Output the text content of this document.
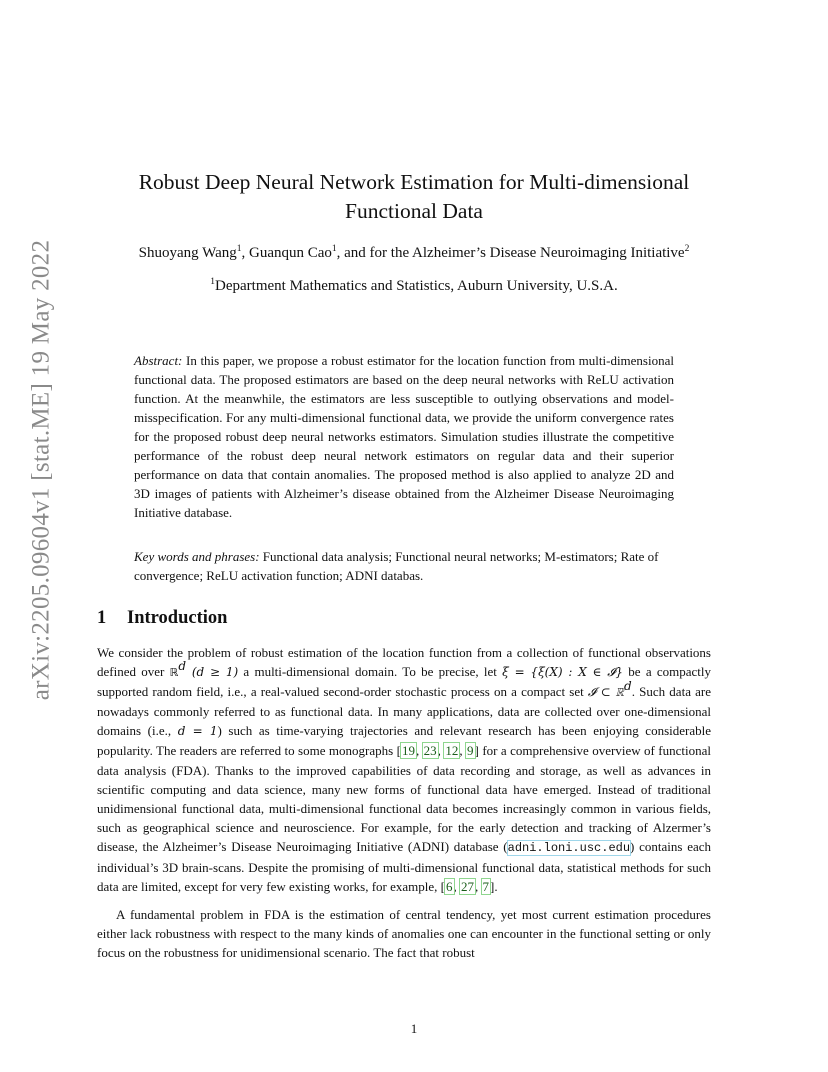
arXiv:2205.09604v1 [stat.ME] 19 May 2022
Robust Deep Neural Network Estimation for Multi-dimensional
Functional Data
Shuoyang Wang$^1$, Guanqun Cao$^1$, and for the Alzheimer’s Disease Neuroimaging Initiative$^2$
$^1$Department Mathematics and Statistics, Auburn University, U.S.A.

Abstract: In this paper, we propose a robust estimator for the location function from multi-dimensional functional data. The proposed estimators are based on the deep neural networks with ReLU activation function. At the meanwhile, the estimators are less susceptible to outlying observations and model-misspecification. For any multi-dimensional functional data, we provide the uniform convergence rates for the proposed robust deep neural networks estimators. Simulation studies illustrate the competitive performance of the robust deep neural network estimators on regular data and their superior performance on data that contain anomalies. The proposed method is also applied to analyze 2D and 3D images of patients with Alzheimer’s disease obtained from the Alzheimer Disease Neuroimaging Initiative database.

Key words and phrases: Functional data analysis; Functional neural networks; M-estimators; Rate of convergence; ReLU activation function; ADNI databas.

1 Introduction

We consider the problem of robust estimation of the location function from a collection of functional observations defined over ℝ$^d$ (d ≥ 1) a multi-dimensional domain. To be precise, let ξ = {ξ(X) : X ∈ 𝓘} be a compactly supported random field, i.e., a real-valued second-order stochastic process on a compact set 𝓘 ⊂ ℝ$^d$. Such data are nowadays commonly referred to as functional data. In many applications, data are collected over one-dimensional domains (i.e., d = 1) such as time-varying trajectories and relevant research has been enjoying considerable popularity. The readers are referred to some monographs [19, 23, 12, 9] for a comprehensive overview of functional data analysis (FDA). Thanks to the improved capabilities of data recording and storage, as well as advances in scientific computing and data science, many new forms of functional data have emerged. Instead of traditional unidimensional functional data, multi-dimensional functional data becomes increasingly common in various fields, such as geographical science and neuroscience. For example, for the early detection and tracking of Alzermer’s disease, the Alzheimer’s Disease Neuroimaging Initiative (ADNI) database (adni.loni.usc.edu) contains each individual’s 3D brain-scans. Despite the promising of multi-dimensional functional data, statistical methods for such data are limited, except for very few existing works, for example, [6, 27, 7].

A fundamental problem in FDA is the estimation of central tendency, yet most current estimation procedures either lack robustness with respect to the many kinds of anomalies one can encounter in the functional setting or only focus on the robustness for unidimensional scenario. The fact that robust

1
